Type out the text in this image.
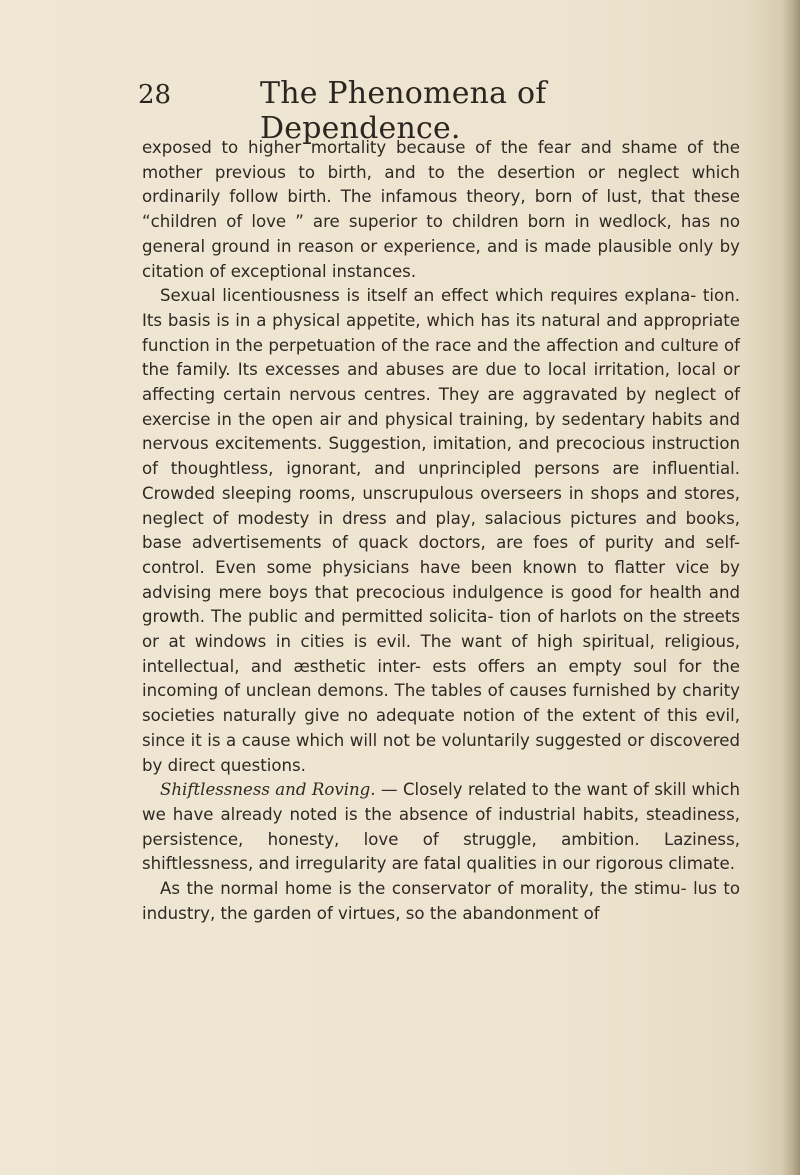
28	The Phenomena of Dependence.

exposed to higher mortality because of the fear and shame of the mother previous to birth, and to the desertion or neglect which ordinarily follow birth. The infamous theory, born of lust, that these “children of love ” are superior to children born in wedlock, has no general ground in reason or experience, and is made plausible only by citation of exceptional instances.

Sexual licentiousness is itself an effect which requires explana- tion. Its basis is in a physical appetite, which has its natural and appropriate function in the perpetuation of the race and the affection and culture of the family. Its excesses and abuses are due to local irritation, local or affecting certain nervous centres. They are aggravated by neglect of exercise in the open air and physical training, by sedentary habits and nervous excitements. Suggestion, imitation, and precocious instruction of thoughtless, ignorant, and unprincipled persons are influential. Crowded sleeping rooms, unscrupulous overseers in shops and stores, neglect of modesty in dress and play, salacious pictures and books, base advertisements of quack doctors, are foes of purity and self-control. Even some physicians have been known to flatter vice by advising mere boys that precocious indulgence is good for health and growth. The public and permitted solicita- tion of harlots on the streets or at windows in cities is evil. The want of high spiritual, religious, intellectual, and æsthetic inter- ests offers an empty soul for the incoming of unclean demons. The tables of causes furnished by charity societies naturally give no adequate notion of the extent of this evil, since it is a cause which will not be voluntarily suggested or discovered by direct questions.

Shiftlessness and Roving. — Closely related to the want of skill which we have already noted is the absence of industrial habits, steadiness, persistence, honesty, love of struggle, ambition. Laziness, shiftlessness, and irregularity are fatal qualities in our rigorous climate.

As the normal home is the conservator of morality, the stimu- lus to industry, the garden of virtues, so the abandonment of
